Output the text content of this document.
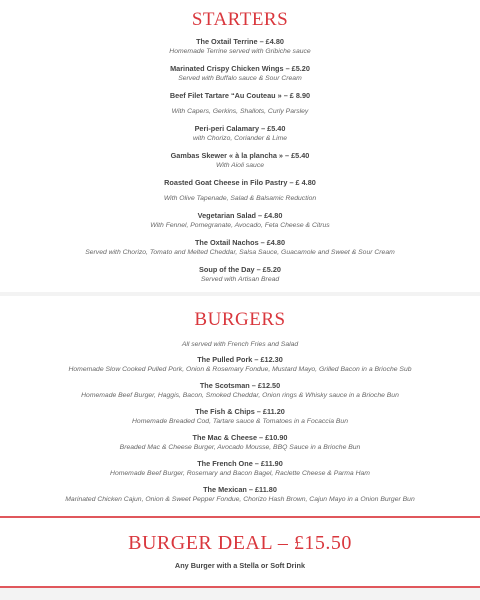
STARTERS
The Oxtail Terrine – £4.80
Homemade Terrine served with Gribiche sauce
Marinated Crispy Chicken Wings – £5.20
Served with Buffalo sauce & Sour Cream
Beef Filet Tartare “Au Couteau » – £ 8.90
With Capers, Gerkins, Shallots, Curly Parsley
Peri-peri Calamary – £5.40
with Chorizo, Coriander & Lime
Gambas Skewer « à la plancha » – £5.40
With Aioli sauce
Roasted Goat Cheese in Filo Pastry – £ 4.80
With Olive Tapenade, Salad & Balsamic Reduction
Vegetarian Salad – £4.80
With Fennel, Pomegranate, Avocado, Feta Cheese & Citrus
The Oxtail Nachos – £4.80
Served with Chorizo, Tomato and Melted Cheddar, Salsa Sauce, Guacamole and Sweet & Sour Cream
Soup of the Day – £5.20
Served with Artisan Bread
BURGERS
All served with French Fries and Salad
The Pulled Pork – £12.30
Homemade Slow Cooked Pulled Pork, Onion & Rosemary Fondue, Mustard Mayo, Grilled Bacon in a Brioche Sub
The Scotsman – £12.50
Homemade Beef Burger, Haggis, Bacon, Smoked Cheddar, Onion rings & Whisky sauce in a Brioche Bun
The Fish & Chips – £11.20
Homemade Breaded Cod, Tartare sauce & Tomatoes in a Focaccia Bun
The Mac & Cheese – £10.90
Breaded Mac & Cheese Burger, Avocado Mousse, BBQ Sauce in a Brioche Bun
The French One – £11.90
Homemade Beef Burger, Rosemary and Bacon Bagel, Raclette Cheese & Parma Ham
The Mexican – £11.80
Marinated Chicken Cajun, Onion & Sweet Pepper Fondue, Chorizo Hash Brown, Cajun Mayo in a Onion Burger Bun
BURGER DEAL – £15.50
Any Burger with a Stella or Soft Drink
